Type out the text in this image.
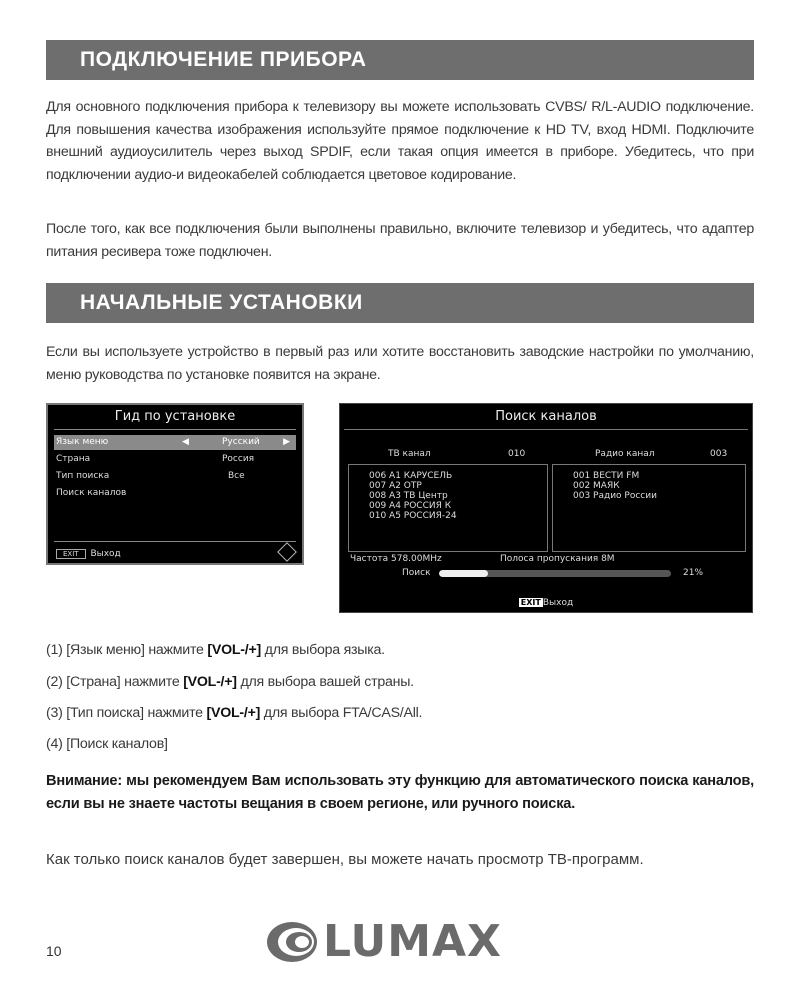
ПОДКЛЮЧЕНИЕ ПРИБОРА

Для основного подключения прибора к телевизору вы можете использовать CVBS/ R/L-AUDIO подключение. Для повышения качества изображения используйте прямое подключение к HD TV, вход HDMI. Подключите внешний аудиоусилитель через выход SPDIF, если такая опция имеется в приборе. Убедитесь, что при подключении аудио-и видеокабелей соблюдается цветовое кодирование.

После того, как все подключения были выполнены правильно, включите телевизор и убедитесь, что адаптер питания ресивера тоже подключен.

НАЧАЛЬНЫЕ УСТАНОВКИ

Если вы используете устройство в первый раз или хотите восстановить заводские настройки по умолчанию, меню руководства по установке появится на экране.

Гид по установке
Язык меню	◀	Русский	▶
Страна	Россия
Тип поиска	Все
Поиск каналов
EXIT Выход
Поиск каналов
ТВ канал	010	Радио канал	003
006 A1 КАРУСЕЛЬ
007 A2 ОТР
008 A3 ТВ Центр
009 A4 РОССИЯ К
010 A5 РОССИЯ-24
001 ВЕСТИ FM
002 МАЯК
003 Радио России
Частота 578.00MHz	Полоса пропускания 8M
Поиск	21%
EXIT Выход
(1) [Язык меню] нажмите [VOL-/+] для выбора языка.
(2) [Страна] нажмите [VOL-/+] для выбора вашей страны.
(3) [Тип поиска] нажмите [VOL-/+] для выбора FTA/CAS/All.
(4) [Поиск каналов]

Внимание: мы рекомендуем Вам использовать эту функцию для автоматического поиска каналов, если вы не знаете частоты вещания в своем регионе, или ручного поиска.

Как только поиск каналов будет завершен, вы можете начать просмотр ТВ-программ.

10	LUMAX
